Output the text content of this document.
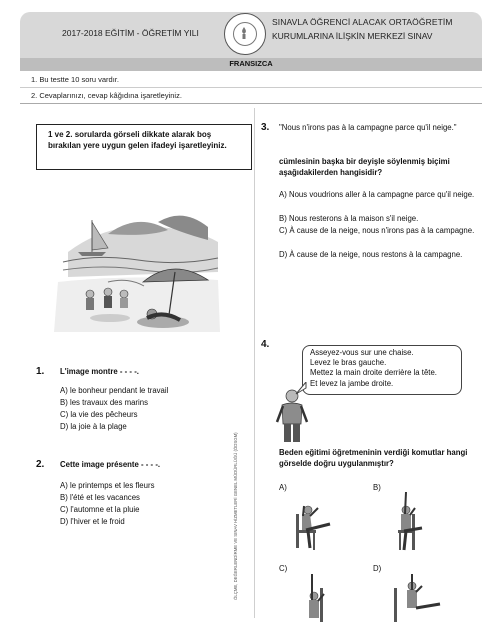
2017-2018 EĞİTİM - ÖĞRETİM YILI
SINAVLA ÖĞRENCİ ALACAK ORTAÖĞRETİM
KURUMLARINA İLİŞKİN MERKEZİ SINAV
FRANSIZCA
1. Bu testte 10 soru vardır.
2. Cevaplarınızı, cevap kâğıdına işaretleyiniz.
1 ve 2. sorularda görseli dikkate alarak boş bırakılan yere uygun gelen ifadeyi işaretleyiniz.
1. L'image montre - - - -.
A) le bonheur pendant le travail
B) les travaux des marins
C) la vie des pêcheurs
D) la joie à la plage
2. Cette image présente - - - -.
A) le printemps et les fleurs
B) l'été et les vacances
C) l'automne et la pluie
D) l'hiver et le froid	ÖLÇME, DEĞERLENDİRME VE SINAV HİZMETLERİ GENEL MÜDÜRLÜĞÜ (ÖDSGM)
3. "Nous n'irons pas à la campagne parce qu'il neige."
cümlesinin başka bir deyişle söylenmiş biçimi aşağıdakilerden hangisidir?
A) Nous voudrions aller à la campagne parce qu'il neige.
B) Nous resterons à la maison s'il neige.
C) À cause de la neige, nous n'irons pas à la campagne.
D) À cause de la neige, nous restons à la campagne.
4.
Asseyez-vous sur une chaise.
Levez le bras gauche.
Mettez la main droite derrière la tête.
Et levez la jambe droite.
Beden eğitimi öğretmeninin verdiği komutlar hangi görselde doğru uygulanmıştır?
A)	B)
C)	D)
